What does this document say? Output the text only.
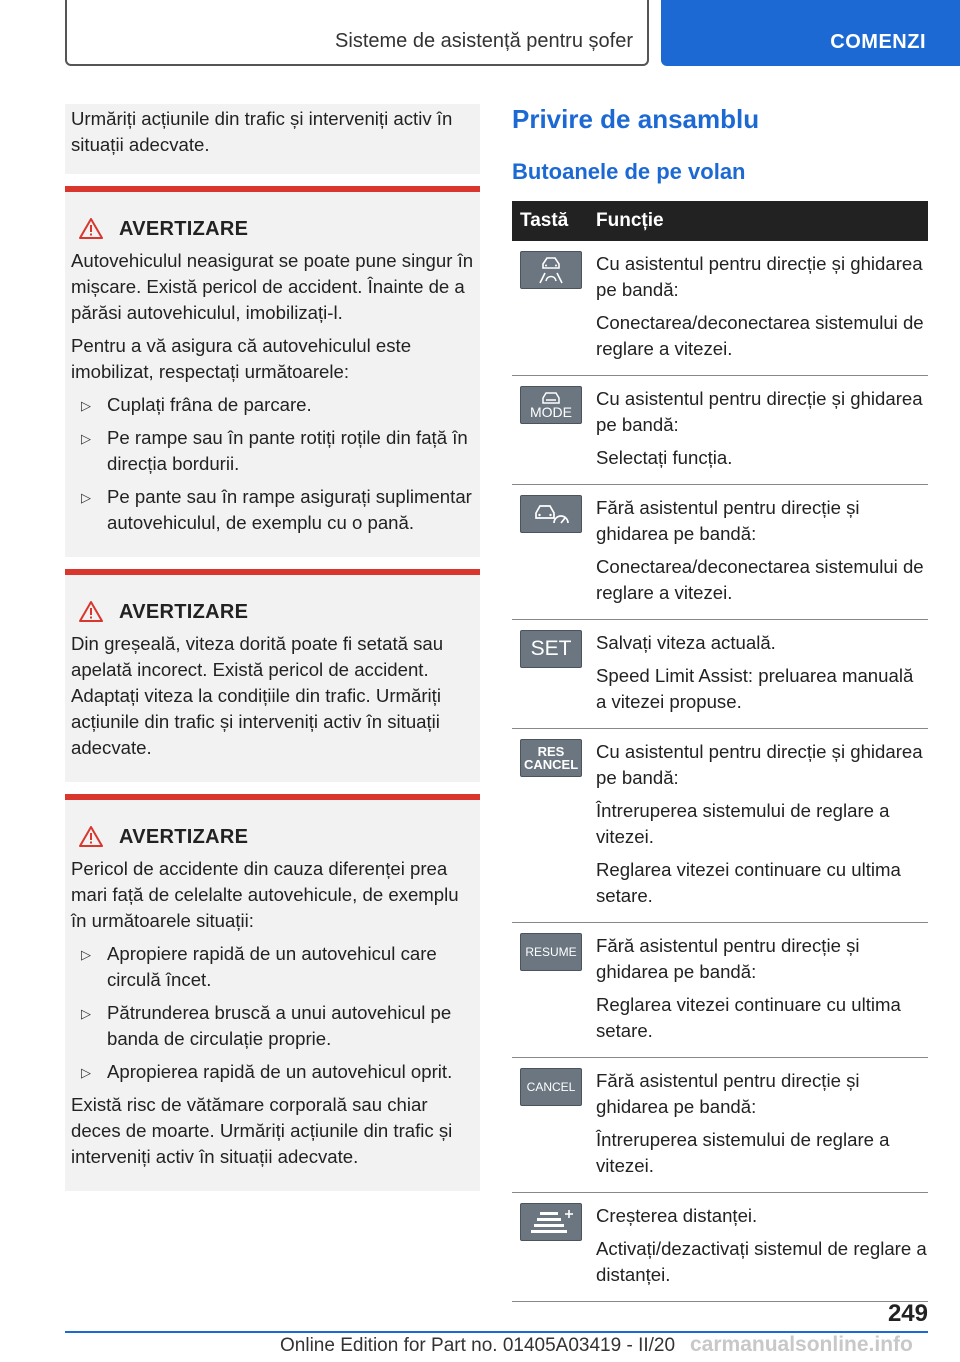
Sisteme de asistență pentru șofer	COMENZI

Urmăriți acțiunile din trafic și interveniți activ în situații adecvate.

AVERTIZARE

Autovehiculul neasigurat se poate pune singur în mișcare. Există pericol de accident. Înainte de a părăsi autovehiculul, imobilizați-l.

Pentru a vă asigura că autovehiculul este imobilizat, respectați următoarele:

▷ Cuplați frâna de parcare.
▷ Pe rampe sau în pante rotiți roțile din față în direcția bordurii.
▷ Pe pante sau în rampe asigurați suplimentar autovehiculul, de exemplu cu o pană.
AVERTIZARE

Din greșeală, viteza dorită poate fi setată sau apelată incorect. Există pericol de accident. Adaptați viteza la condițiile din trafic. Urmăriți acțiunile din trafic și interveniți activ în situații adecvate.

AVERTIZARE

Pericol de accidente din cauza diferenței prea mari față de celelalte autovehicule, de exemplu în următoarele situații:

▷ Apropiere rapidă de un autovehicul care circulă încet.
▷ Pătrunderea bruscă a unui autovehicul pe banda de circulație proprie.
▷ Apropierea rapidă de un autovehicul oprit.

Există risc de vătămare corporală sau chiar deces de moarte. Urmăriți acțiunile din trafic și interveniți activ în situații adecvate.

Privire de ansamblu
Butoanele de pe volan
Tastă	Funcție

Cu asistentul pentru direcție și ghidarea pe bandă:

Conectarea/deconectarea sistemului de reglare a vitezei.

MODE

Cu asistentul pentru direcție și ghidarea pe bandă:

Selectați funcția.

Fără asistentul pentru direcție și ghidarea pe bandă:

Conectarea/deconectarea sistemului de reglare a vitezei.

SET Salvați viteza actuală.

Speed Limit Assist: preluarea manuală a vitezei propuse.

RES CANCEL

Cu asistentul pentru direcție și ghidarea pe bandă:

Întreruperea sistemului de reglare a vitezei.

Reglarea vitezei continuare cu ultima setare.

RESUME Fără asistentul pentru direcție și ghidarea pe bandă:

Reglarea vitezei continuare cu ultima setare.

CANCEL Fără asistentul pentru direcție și ghidarea pe bandă:

Întreruperea sistemului de reglare a vitezei.

Creșterea distanței.

Activați/dezactivați sistemul de reglare a distanței.

249
Online Edition for Part no. 01405A03419 - II/20 carmanualsonline.info
